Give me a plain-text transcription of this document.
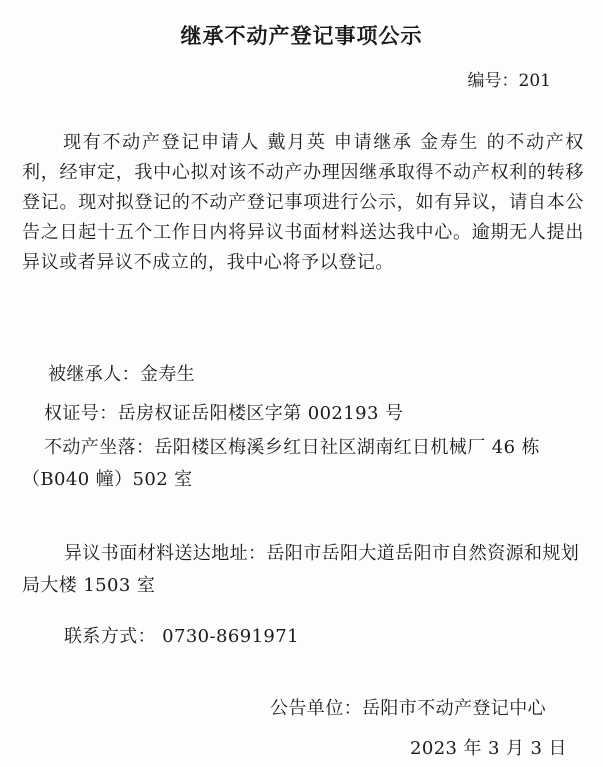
继承不动产登记事项公示
编号：201
现有不动产登记申请人 戴月英 申请继承 金寿生 的不动产权利，经审定，我中心拟对该不动产办理因继承取得不动产权利的转移登记。现对拟登记的不动产登记事项进行公示，如有异议，请自本公告之日起十五个工作日内将异议书面材料送达我中心。逾期无人提出异议或者异议不成立的，我中心将予以登记。
被继承人：金寿生
权证号：岳房权证岳阳楼区字第 002193 号
不动产坐落：岳阳楼区梅溪乡红日社区湖南红日机械厂 46 栋（B040 幢）502 室
异议书面材料送达地址：岳阳市岳阳大道岳阳市自然资源和规划局大楼 1503 室
联系方式： 0730-8691971
公告单位：岳阳市不动产登记中心
2023 年 3 月 3 日
